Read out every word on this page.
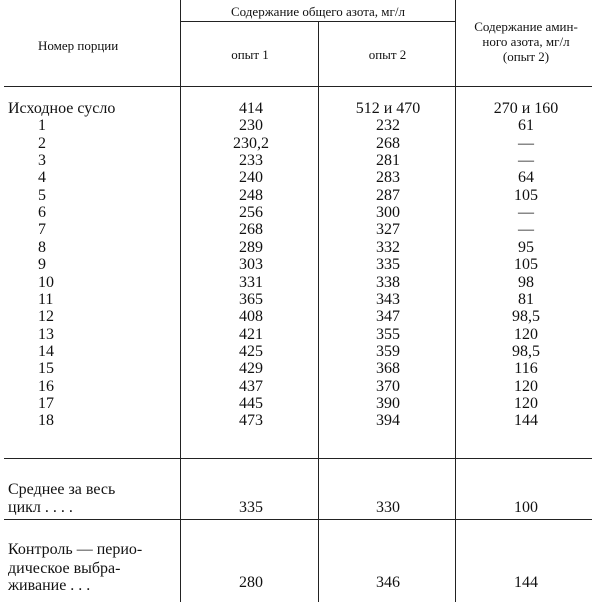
Номер порции
Содержание общего азота, мг/л
опыт 1	опыт 2
Содержание амин-
ного азота, мг/л
(опыт 2)
Исходное сусло	414	512 и 470	270 и 160
1	230	232	61
2	230,2	268	—
3	233	281	—
4	240	283	64
5	248	287	105
6	256	300	—
7	268	327	—
8	289	332	95
9	303	335	105
10	331	338	98
11	365	343	81
12	408	347	98,5
13	421	355	120
14	425	359	98,5
15	429	368	116
16	437	370	120
17	445	390	120
18	473	394	144
Среднее за весь
цикл . . . .	335	330	100
Контроль — перио-
дическое выбра-
живание . . .	280	346	144
